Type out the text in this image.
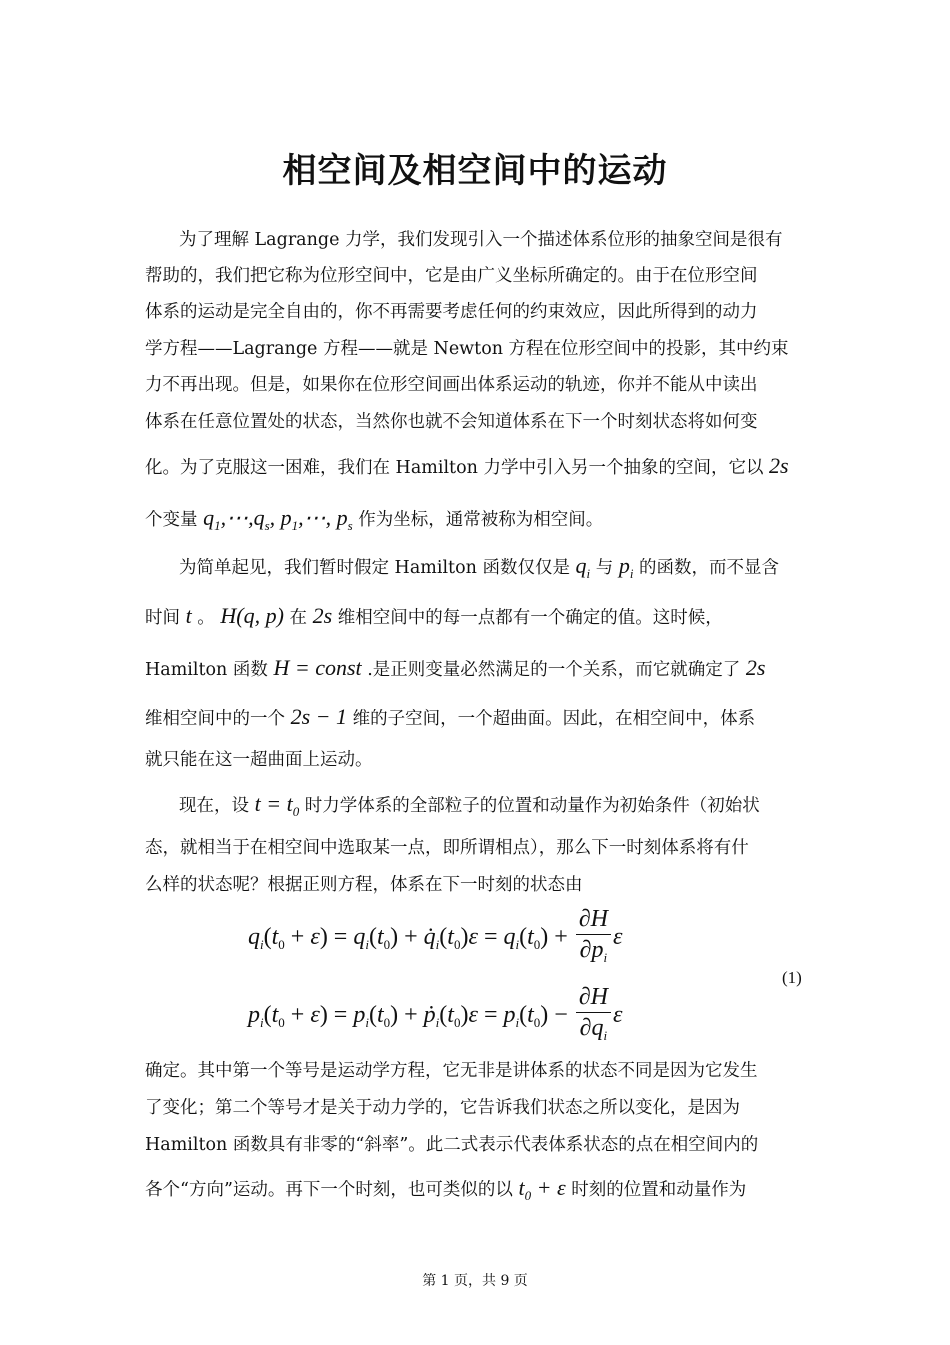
相空间及相空间中的运动
为了理解 Lagrange 力学，我们发现引入一个描述体系位形的抽象空间是很有
帮助的，我们把它称为位形空间中，它是由广义坐标所确定的。由于在位形空间
体系的运动是完全自由的，你不再需要考虑任何的约束效应，因此所得到的动力
学方程——Lagrange 方程——就是 Newton 方程在位形空间中的投影，其中约束
力不再出现。但是，如果你在位形空间画出体系运动的轨迹，你并不能从中读出
体系在任意位置处的状态，当然你也就不会知道体系在下一个时刻状态将如何变
化。为了克服这一困难，我们在 Hamilton 力学中引入另一个抽象的空间，它以 2s
个变量 $q_1,\cdots,q_s$, $p_1,\cdots$, $p_s$ 作为坐标，通常被称为相空间。
为简单起见，我们暂时假定 Hamilton 函数仅仅是 $q_i$ 与 $p_i$ 的函数，而不显含
时间 t 。 H(q, p) 在 2s 维相空间中的每一点都有一个确定的值。这时候，
Hamilton 函数 H = const .是正则变量必然满足的一个关系，而它就确定了 2s
维相空间中的一个 2s − 1 维的子空间，一个超曲面。因此，在相空间中，体系
就只能在这一超曲面上运动。
现在，设 $t = t_0$ 时力学体系的全部粒子的位置和动量作为初始条件（初始状
态，就相当于在相空间中选取某一点，即所谓相点），那么下一时刻体系将有什
么样的状态呢？根据正则方程，体系在下一时刻的状态由
$q_i(t_0 + \varepsilon) = q_i(t_0)$ + $q̇_i(t_0)\varepsilon = q_i(t_0) + \frac{\partial H}{\partial p_i}$ ε
$p_i(t_0 + \varepsilon) = p_i(t_0)$ + $ṗ_i(t_0)\varepsilon = p_i(t_0) - \frac{\partial H}{\partial q_i}$ ε
(1)
确定。其中第一个等号是运动学方程，它无非是讲体系的状态不同是因为它发生
了变化；第二个等号才是关于动力学的，它告诉我们状态之所以变化，是因为
Hamilton 函数具有非零的“斜率”。此二式表示代表体系状态的点在相空间内的
各个“方向”运动。再下一个时刻，也可类似的以 $t_0 + \varepsilon$ 时刻的位置和动量作为
第 1 页，共 9 页
